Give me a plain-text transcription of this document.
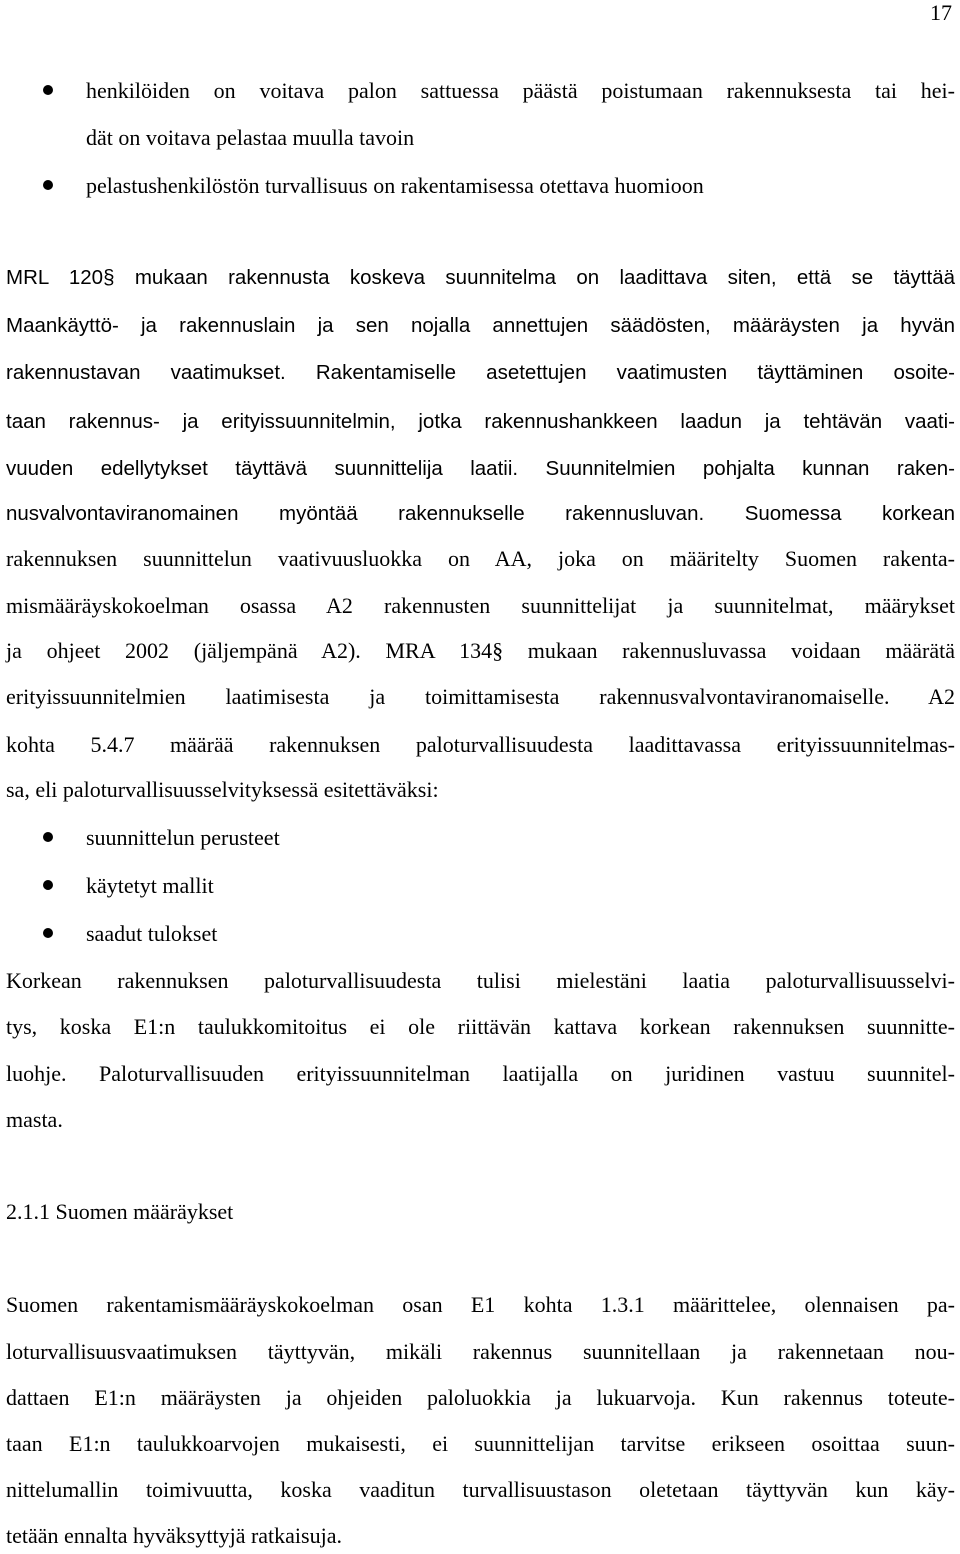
17
henkilöiden on voitava palon sattuessa päästä poistumaan rakennuksesta tai hei-
dät on voitava pelastaa muulla tavoin
pelastushenkilöstön turvallisuus on rakentamisessa otettava huomioon
MRL 120§ mukaan rakennusta koskeva suunnitelma on laadittava siten, että se täyttää
Maankäyttö- ja rakennuslain ja sen nojalla annettujen säädösten, määräysten ja hyvän
rakennustavan vaatimukset. Rakentamiselle asetettujen vaatimusten täyttäminen osoite-
taan rakennus- ja erityissuunnitelmin, jotka rakennushankkeen laadun ja tehtävän vaati-
vuuden edellytykset täyttävä suunnittelija laatii. Suunnitelmien pohjalta kunnan raken-
nusvalvontaviranomainen myöntää rakennukselle rakennusluvan. Suomessa korkean
rakennuksen suunnittelun vaativuusluokka on AA, joka on määritelty Suomen rakenta-
mismääräyskokoelman osassa A2 rakennusten suunnittelijat ja suunnitelmat, määrykset
ja ohjeet 2002 (jäljempänä A2). MRA 134§ mukaan rakennusluvassa voidaan määrätä
erityissuunnitelmien laatimisesta ja toimittamisesta rakennusvalvontaviranomaiselle. A2
kohta 5.4.7 määrää rakennuksen paloturvallisuudesta laadittavassa erityissuunnitelmas-
sa, eli paloturvallisuusselvityksessä esitettäväksi:
suunnittelun perusteet
käytetyt mallit
saadut tulokset
Korkean rakennuksen paloturvallisuudesta tulisi mielestäni laatia paloturvallisuusselvi-
tys, koska E1:n taulukkomitoitus ei ole riittävän kattava korkean rakennuksen suunnitte-
luohje. Paloturvallisuuden erityissuunnitelman laatijalla on juridinen vastuu suunnitel-
masta.
2.1.1 Suomen määräykset
Suomen rakentamismääräyskokoelman osan E1 kohta 1.3.1 määrittelee, olennaisen pa-
loturvallisuusvaatimuksen täyttyvän, mikäli rakennus suunnitellaan ja rakennetaan nou-
dattaen E1:n määräysten ja ohjeiden paloluokkia ja lukuarvoja. Kun rakennus toteute-
taan E1:n taulukkoarvojen mukaisesti, ei suunnittelijan tarvitse erikseen osoittaa suun-
nittelumallin toimivuutta, koska vaaditun turvallisuustason oletetaan täyttyvän kun käy-
tetään ennalta hyväksyttyjä ratkaisuja.
